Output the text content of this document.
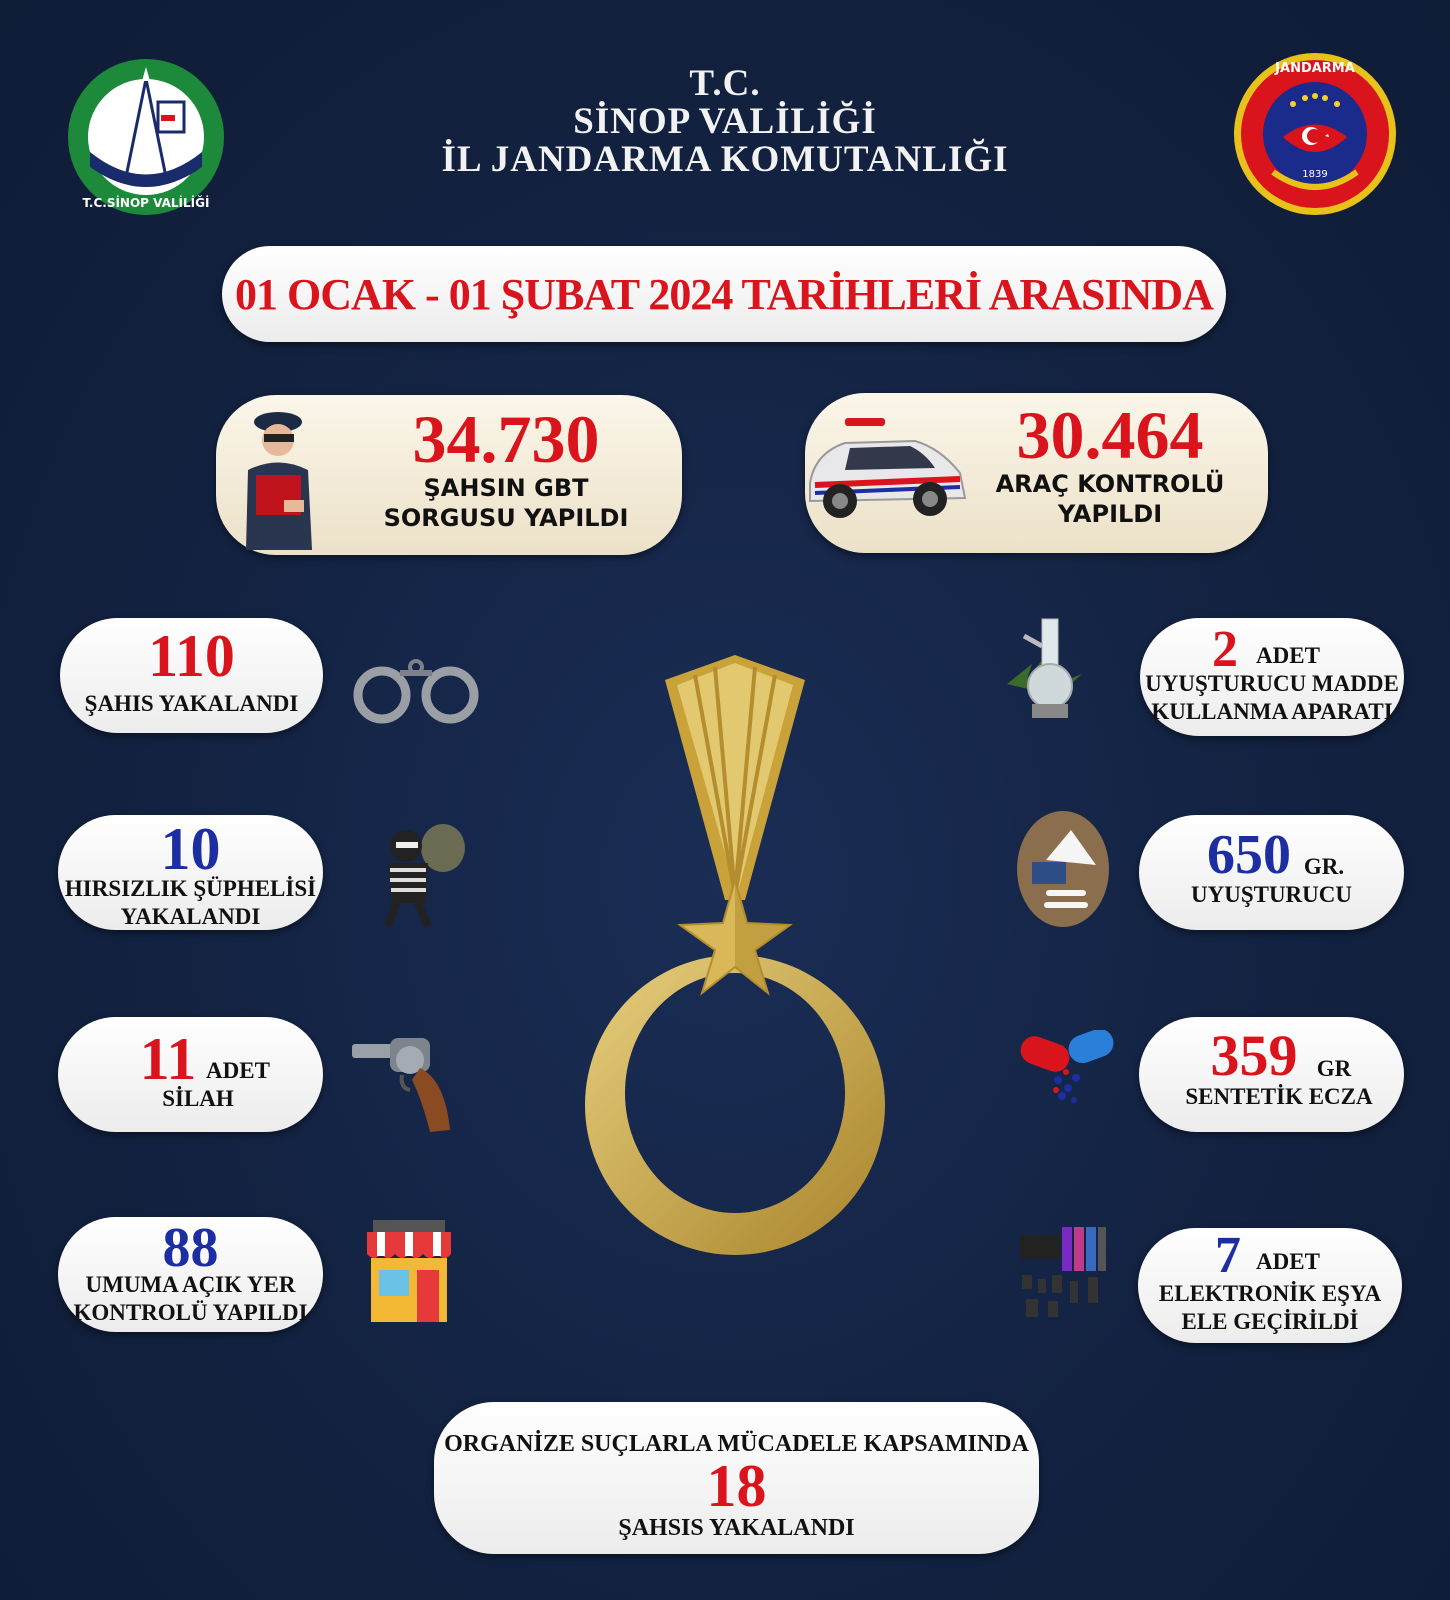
T.C.SİNOP VALİLİĞİ
T.C.
SİNOP VALİLİĞİ
İL JANDARMA KOMUTANLIĞI	1839
JANDARMA
01 OCAK - 01 ŞUBAT 2024 TARİHLERİ ARASINDA
34.730
ŞAHSIN GBT
SORGUSU YAPILDI
30.464
ARAÇ KONTROLÜ
YAPILDI
110
ŞAHIS YAKALANDI
10
HIRSIZLIK ŞÜPHELİSİ
YAKALANDI
11 ADET
SİLAH
88
UMUMA AÇIK YER
KONTROLÜ YAPILDI
2 ADET
UYUŞTURUCU MADDE
KULLANMA APARATI
650 GR.
UYUŞTURUCU
359 GR
SENTETİK ECZA
7 ADET
ELEKTRONİK EŞYA
ELE GEÇİRİLDİ
ORGANİZE SUÇLARLA MÜCADELE KAPSAMINDA
18
ŞAHSIS YAKALANDI
